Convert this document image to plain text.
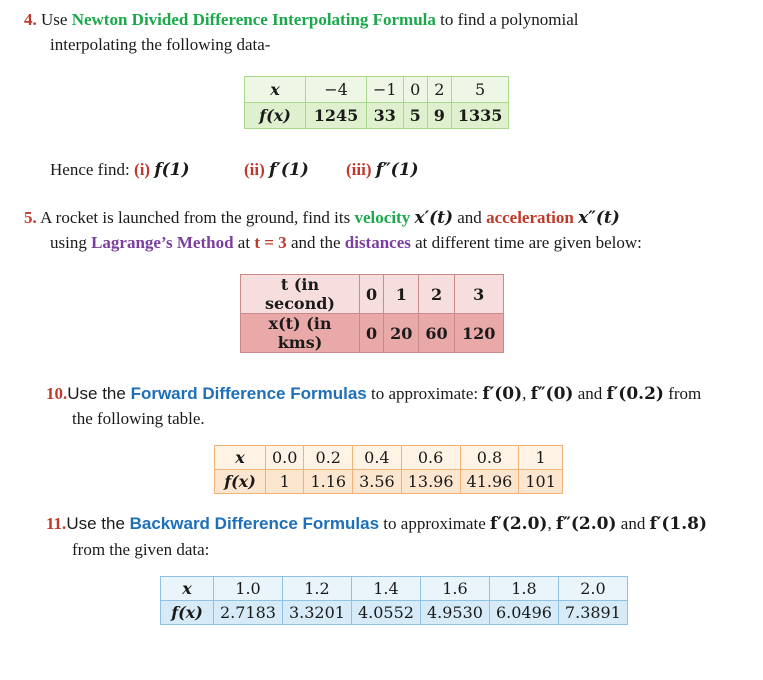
4. Use Newton Divided Difference Interpolating Formula to find a polynomial
interpolating the following data-
x	−4	−1	0	2	5
f(x)	1245	33	5	9	1335
Hence find: (i) f(1)	(ii) f′(1) (iii) f″(1)
5. A rocket is launched from the ground, find its velocity x′(t) and acceleration x″(t)
using Lagrange’s Method at t = 3 and the distances at different time are given below:
t (in second)	0	1	2	3
x(t) (in kms)	0	20	60	120
10.Use the Forward Difference Formulas to approximate: f′(0), f″(0) and f′(0.2) from
the following table.
x	0.0	0.2	0.4	0.6	0.8	1
f(x)	1	1.16	3.56	13.96	41.96	101
11.Use the Backward Difference Formulas to approximate f′(2.0), f″(2.0) and f′(1.8)
from the given data:
x	1.0	1.2	1.4	1.6	1.8	2.0
f(x)	2.7183	3.3201	4.0552	4.9530	6.0496	7.3891
